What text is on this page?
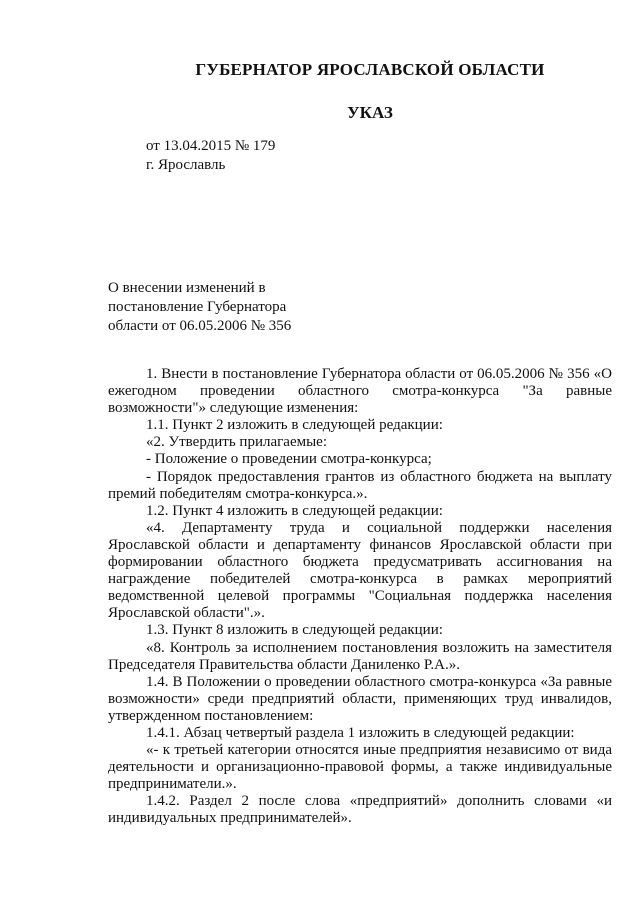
ГУБЕРНАТОР ЯРОСЛАВСКОЙ ОБЛАСТИ
УКАЗ
от 13.04.2015 № 179
г. Ярославль
О внесении изменений в
постановление Губернатора
области от 06.05.2006 № 356

1. Внести в постановление Губернатора области от 06.05.2006 № 356 «О ежегодном проведении областного смотра-конкурса "За равные возможности"» следующие изменения:

1.1. Пункт 2 изложить в следующей редакции:

«2. Утвердить прилагаемые:

- Положение о проведении смотра-конкурса;

- Порядок предоставления грантов из областного бюджета на выплату премий победителям смотра-конкурса.».

1.2. Пункт 4 изложить в следующей редакции:

«4. Департаменту труда и социальной поддержки населения Ярославской области и департаменту финансов Ярославской области при формировании областного бюджета предусматривать ассигнования на награждение победителей смотра-конкурса в рамках мероприятий ведомственной целевой программы "Социальная поддержка населения Ярославской области".».

1.3. Пункт 8 изложить в следующей редакции:

«8. Контроль за исполнением постановления возложить на заместителя Председателя Правительства области Даниленко Р.А.».

1.4. В Положении о проведении областного смотра-конкурса «За равные возможности» среди предприятий области, применяющих труд инвалидов, утвержденном постановлением:

1.4.1. Абзац четвертый раздела 1 изложить в следующей редакции:

«- к третьей категории относятся иные предприятия независимо от вида деятельности и организационно-правовой формы, а также индивидуальные предприниматели.».

1.4.2. Раздел 2 после слова «предприятий» дополнить словами «и индивидуальных предпринимателей».
